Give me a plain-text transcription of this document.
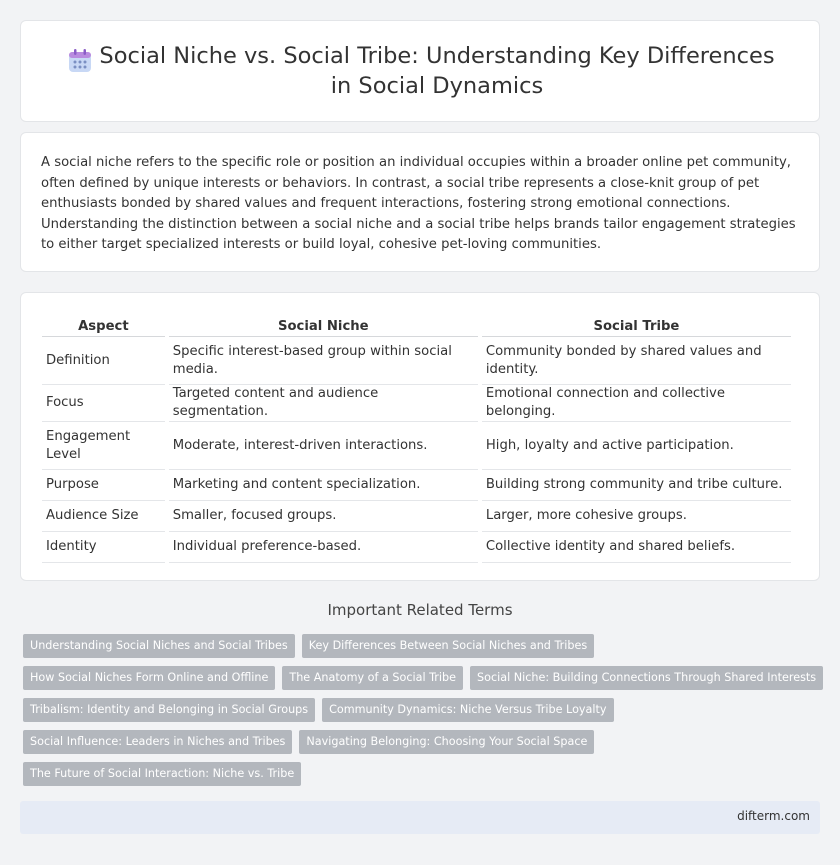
Social Niche vs. Social Tribe: Understanding Key Differences in Social Dynamics

A social niche refers to the specific role or position an individual occupies within a broader online pet community, often defined by unique interests or behaviors. In contrast, a social tribe represents a close-knit group of pet enthusiasts bonded by shared values and frequent interactions, fostering strong emotional connections. Understanding the distinction between a social niche and a social tribe helps brands tailor engagement strategies to either target specialized interests or build loyal, cohesive pet-loving communities.

Aspect	Social Niche	Social Tribe
Definition	Specific interest-based group within social media.	Community bonded by shared values and identity.
Focus	Targeted content and audience segmentation.	Emotional connection and collective belonging.
Engagement Level	Moderate, interest-driven interactions.	High, loyalty and active participation.
Purpose	Marketing and content specialization.	Building strong community and tribe culture.
Audience Size	Smaller, focused groups.	Larger, more cohesive groups.
Identity	Individual preference-based.	Collective identity and shared beliefs.
Important Related Terms
Understanding Social Niches and Social Tribes	Key Differences Between Social Niches and Tribes
How Social Niches Form Online and Offline	The Anatomy of a Social Tribe	Social Niche: Building Connections Through Shared Interests
Tribalism: Identity and Belonging in Social Groups	Community Dynamics: Niche Versus Tribe Loyalty
Social Influence: Leaders in Niches and Tribes	Navigating Belonging: Choosing Your Social Space
The Future of Social Interaction: Niche vs. Tribe
difterm.com
